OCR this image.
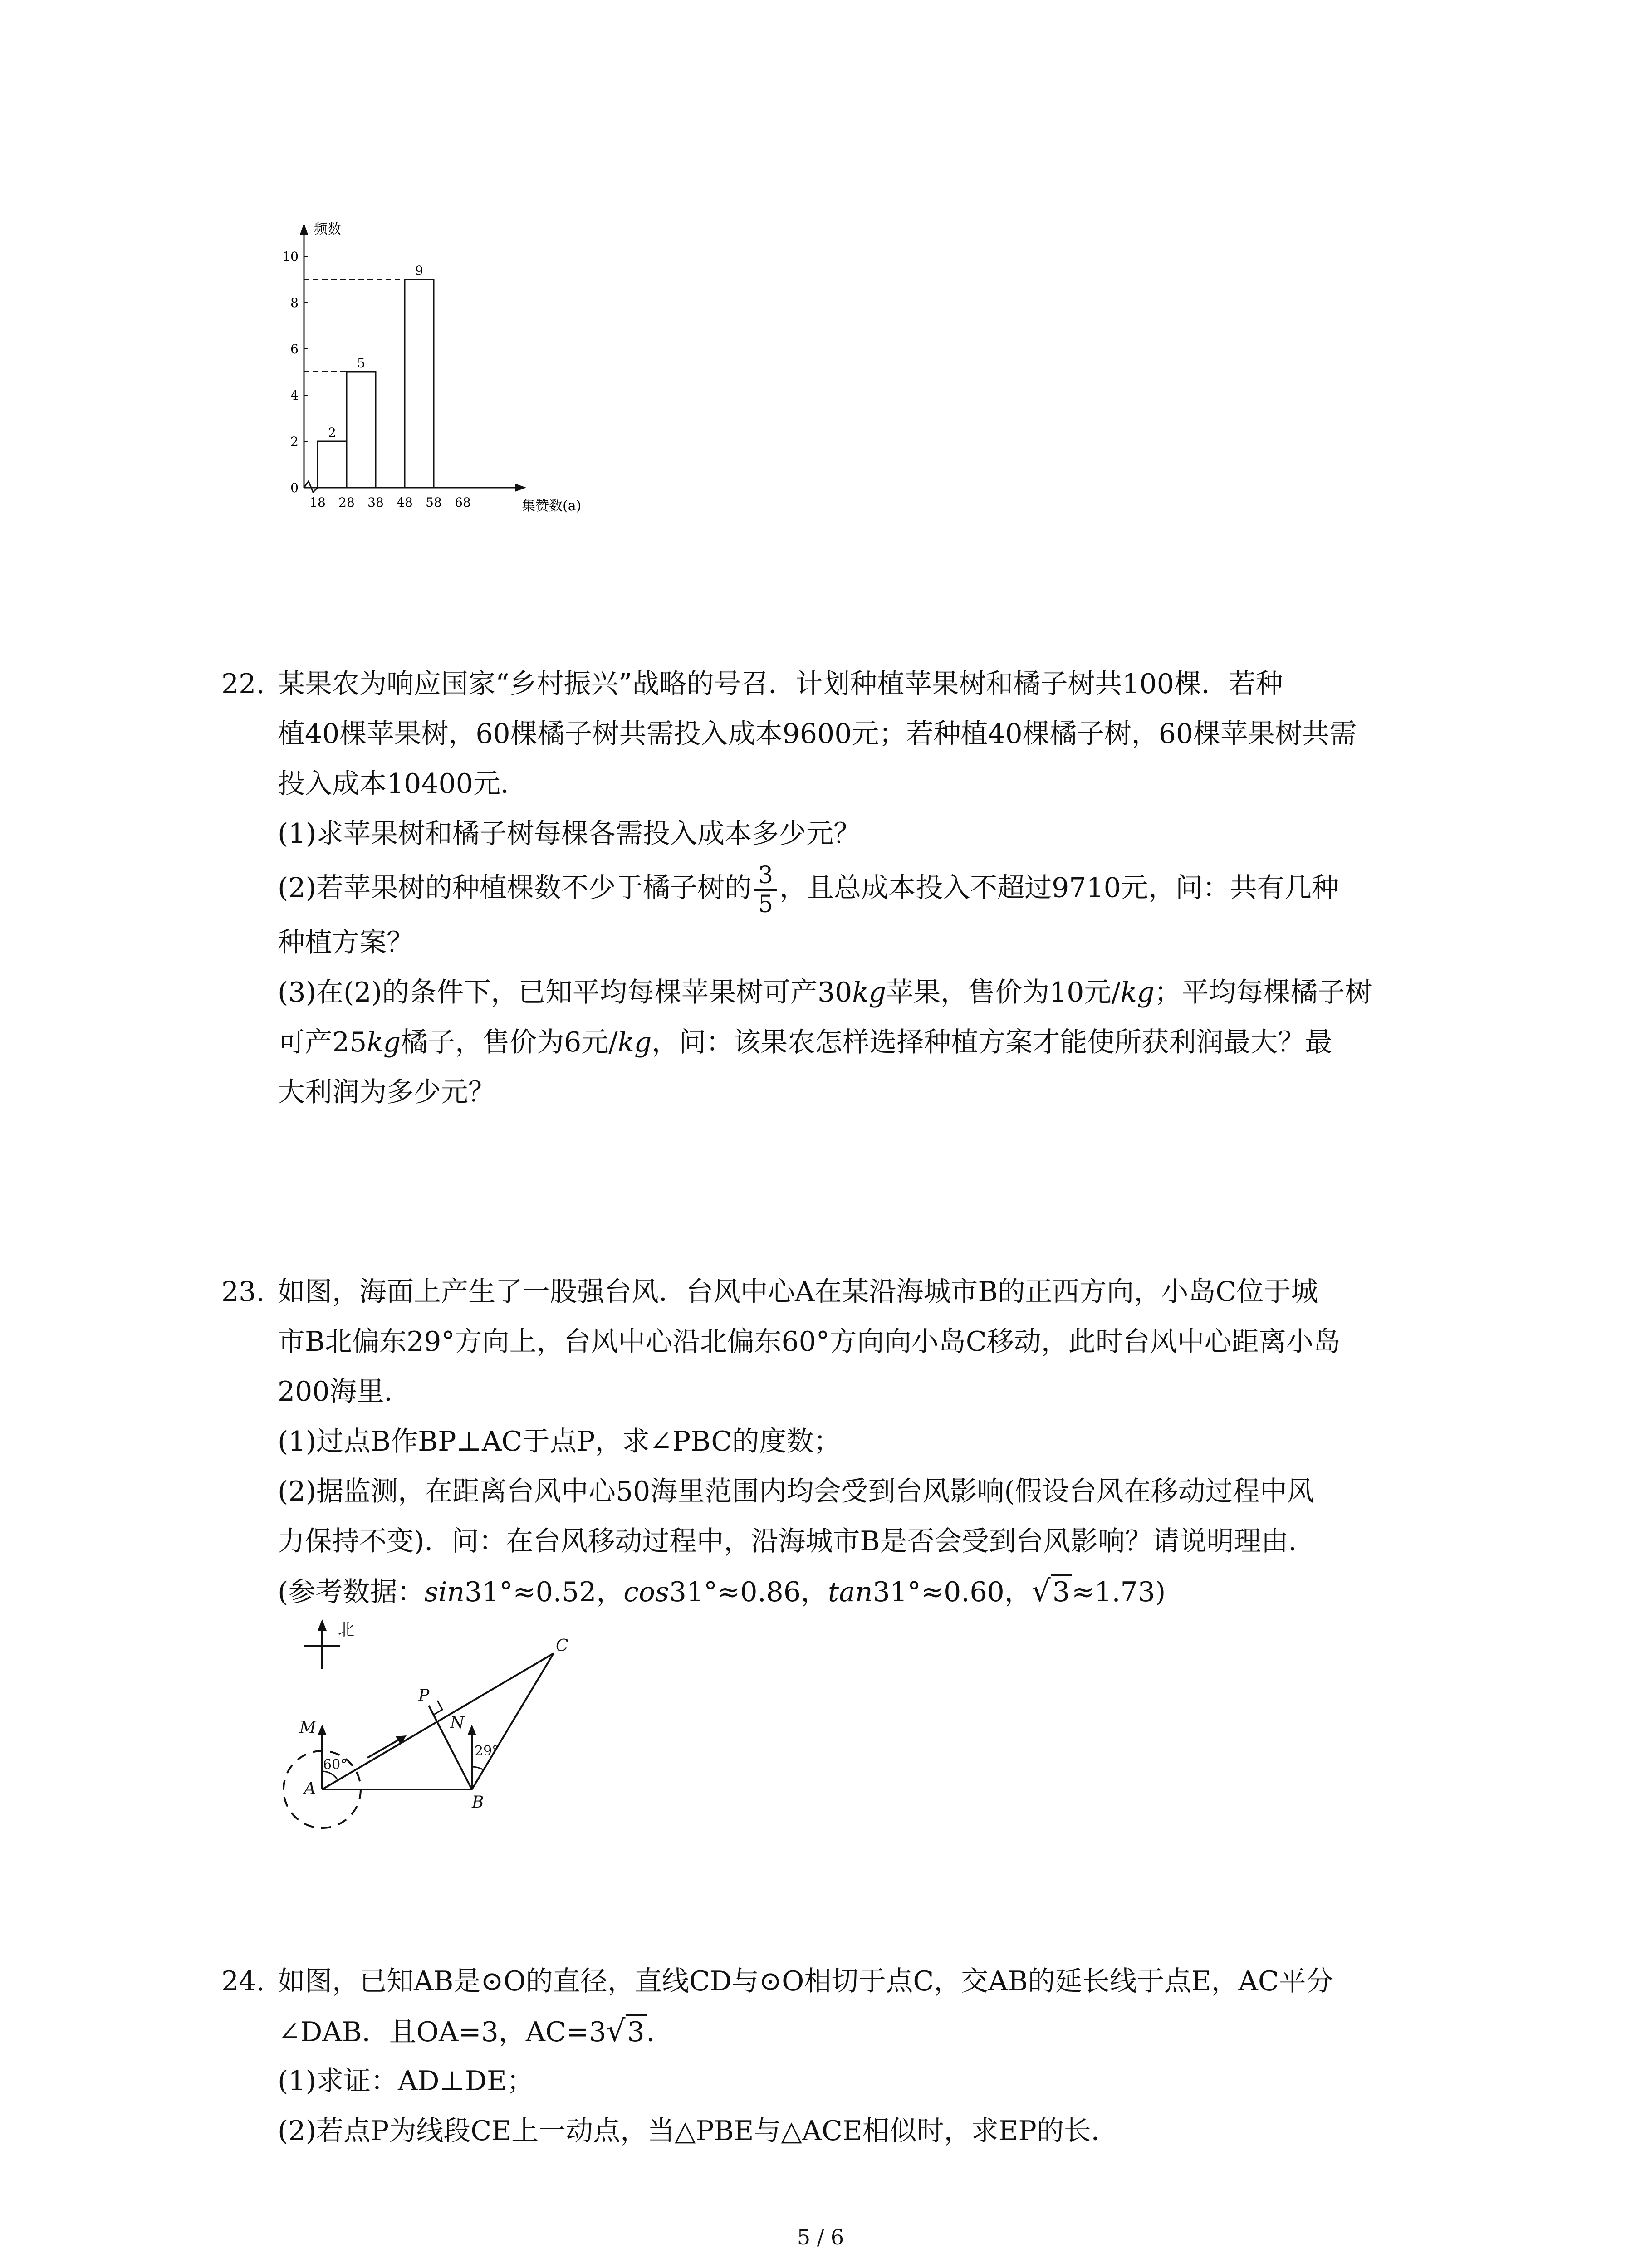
0
2
4
6
8
10
18 28 38 48 58 68
2
5
9
频数
集赞数(a)
22. 某果农为响应国家“乡村振兴”战略的号召．计划种植苹果树和橘子树共100棵．若种
植40棵苹果树，60棵橘子树共需投入成本9600元；若种植40棵橘子树，60棵苹果树共需
投入成本10400元．
(1)求苹果树和橘子树每棵各需投入成本多少元？
(2)若苹果树的种植棵数不少于橘子树的 $\frac{3}{5}$ ，且总成本投入不超过9710元，问：共有几种
种植方案？
(3)在(2)的条件下，已知平均每棵苹果树可产30kg苹果，售价为10元/kg；平均每棵橘子树
可产25kg橘子，售价为6元/kg，问：该果农怎样选择种植方案才能使所获利润最大？最
大利润为多少元？
23. 如图，海面上产生了一股强台风．台风中心A在某沿海城市B的正西方向，小岛C位于城
市B北偏东29°方向上，台风中心沿北偏东60°方向向小岛C移动，此时台风中心距离小岛
200海里．
(1)过点B作BP⊥AC于点P，求∠PBC的度数；
(2)据监测，在距离台风中心50海里范围内均会受到台风影响(假设台风在移动过程中风
力保持不变)．问：在台风移动过程中，沿海城市B是否会受到台风影响？请说明理由．
(参考数据：sin31°≈0.52，cos31°≈0.86，tan31°≈0.60，√3≈1.73)
北
M
A
P
N
B
C
60°
29°
24. 如图，已知AB是⊙O的直径，直线CD与⊙O相切于点C，交AB的延长线于点E，AC平分
∠DAB．且OA=3，AC=3√3．
(1)求证：AD⊥DE；
(2)若点P为线段CE上一动点，当△PBE与△ACE相似时，求EP的长．
5 / 6
